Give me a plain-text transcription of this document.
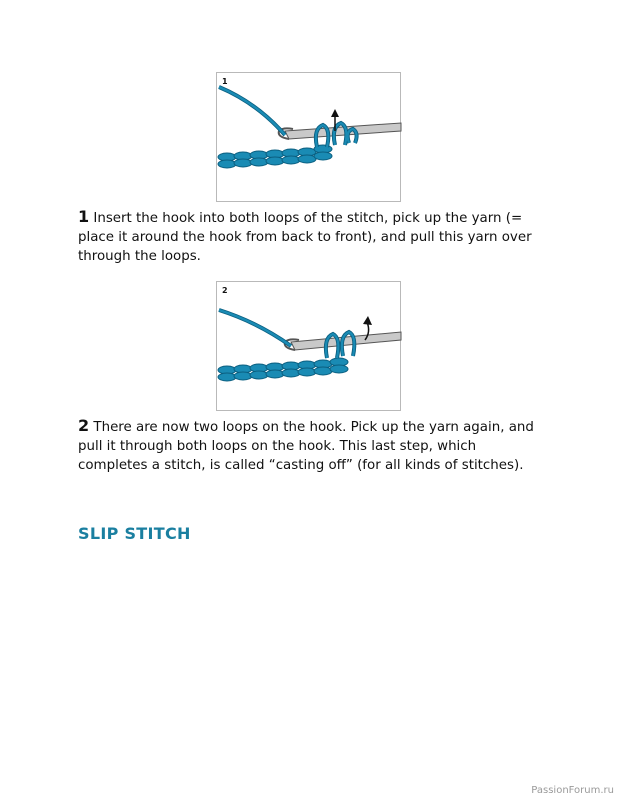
1

1 Insert the hook into both loops of the stitch, pick up the yarn (= place it around the hook from back to front), and pull this yarn over through the loops.

2

2 There are now two loops on the hook. Pick up the yarn again, and pull it through both loops on the hook. This last step, which completes a stitch, is called “casting off” (for all kinds of stitches).

SLIP STITCH
PassionForum.ru
